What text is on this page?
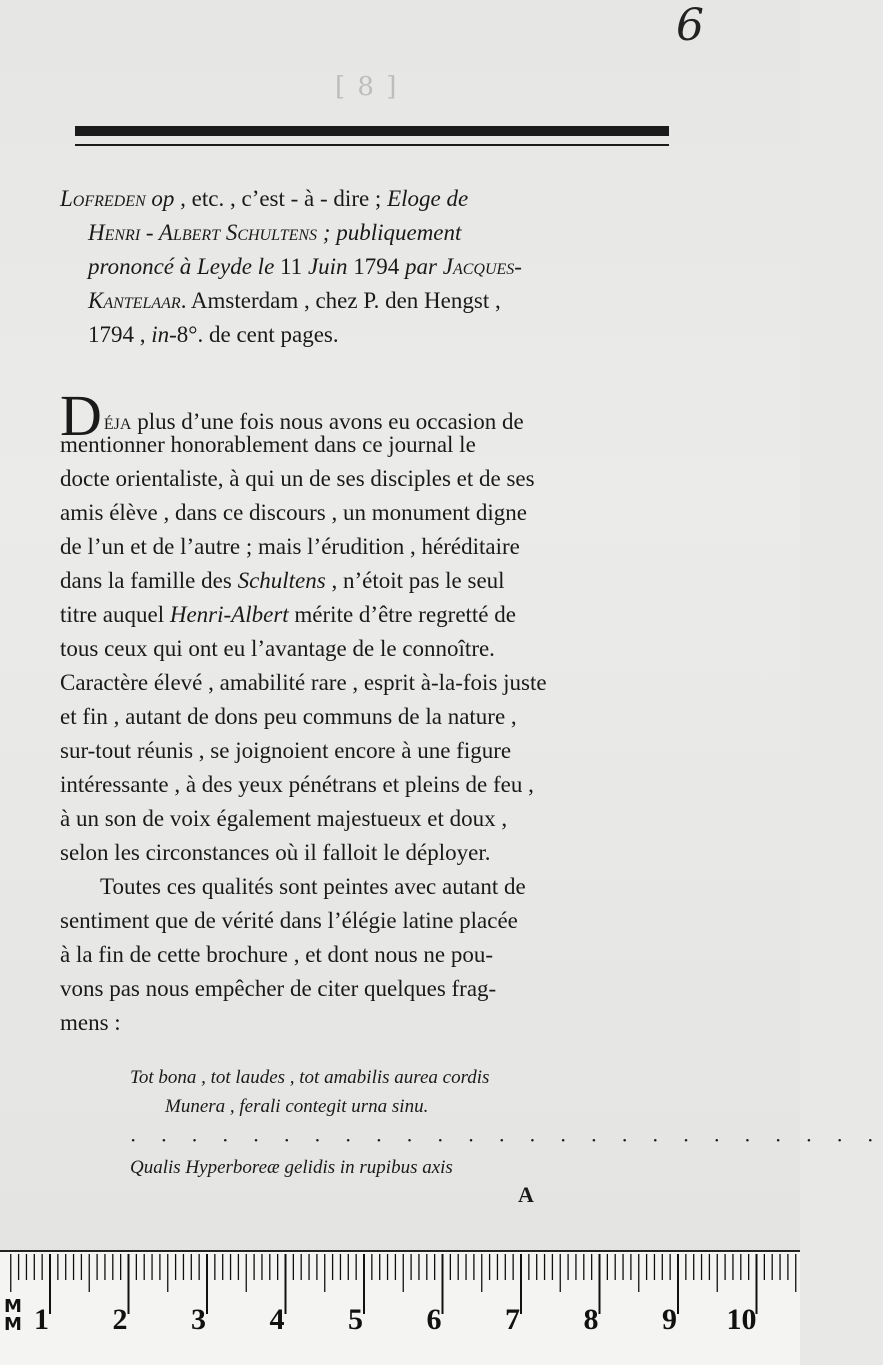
6
[ 8 ]

Lofreden op , etc. , c’est - à - dire ; Eloge de

Henri - Albert Schultens ; publiquement

prononcé à Leyde le 11 Juin 1794 par Jacques-

Kantelaar. Amsterdam , chez P. den Hengst ,

1794 , in-8°. de cent pages.

Déja plus d’une fois nous avons eu occasion de

mentionner honorablement dans ce journal le

docte orientaliste, à qui un de ses disciples et de ses

amis élève , dans ce discours , un monument digne

de l’un et de l’autre ; mais l’érudition , héréditaire

dans la famille des Schultens , n’étoit pas le seul

titre auquel Henri-Albert mérite d’être regretté de

tous ceux qui ont eu l’avantage de le connoître.

Caractère élevé , amabilité rare , esprit à-la-fois juste

et fin , autant de dons peu communs de la nature ,

sur-tout réunis , se joignoient encore à une figure

intéressante , à des yeux pénétrans et pleins de feu ,

à un son de voix également majestueux et doux ,

selon les circonstances où il falloit le déployer.

Toutes ces qualités sont peintes avec autant de

sentiment que de vérité dans l’élégie latine placée

à la fin de cette brochure , et dont nous ne pou-

vons pas nous empêcher de citer quelques frag-

mens :

Tot bona , tot laudes , tot amabilis aurea cordis

Munera , ferali contegit urna sinu.

· · · · · · · · · · · · · · · · · · · · · · · · ·

Qualis Hyperboreæ gelidis in rupibus axis

A
MM 1 2 3 4 5 6 7 8 9 10
